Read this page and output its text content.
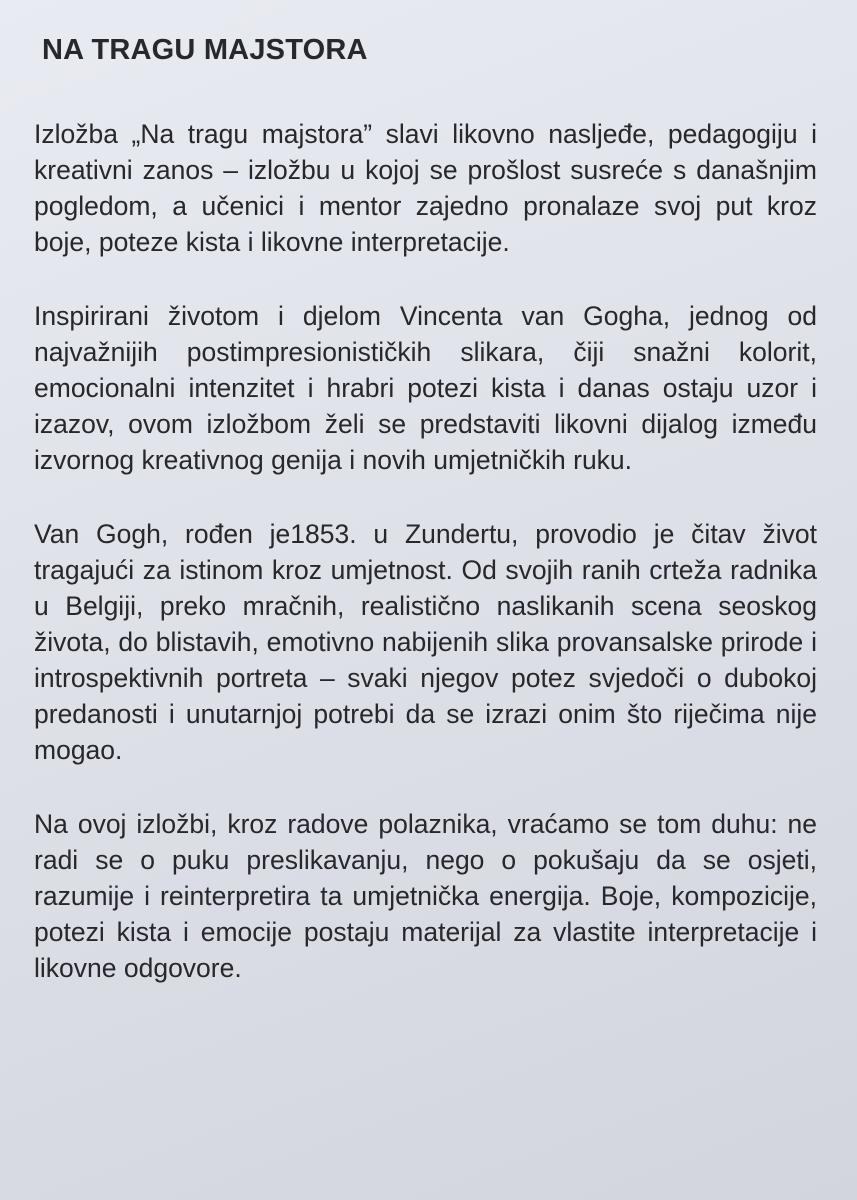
NA TRAGU MAJSTORA

Izložba „Na tragu majstora” slavi likovno nasljeđe, pedagogiju i kreativni zanos – izložbu u kojoj se prošlost susreće s današnjim pogledom, a učenici i mentor zajedno pronalaze svoj put kroz boje, poteze kista i likovne interpretacije.

Inspirirani životom i djelom Vincenta van Gogha, jednog od najvažnijih postimpresionističkih slikara, čiji snažni kolorit, emocionalni intenzitet i hrabri potezi kista i danas ostaju uzor i izazov, ovom izložbom želi se predstaviti likovni dijalog između izvornog kreativnog genija i novih umjetničkih ruku.

Van Gogh, rođen je1853. u Zundertu, provodio je čitav život tragajući za istinom kroz umjetnost. Od svojih ranih crteža radnika u Belgiji, preko mračnih, realistično naslikanih scena seoskog života, do blistavih, emotivno nabijenih slika provansalske prirode i introspektivnih portreta – svaki njegov potez svjedoči o dubokoj predanosti i unutarnjoj potrebi da se izrazi onim što riječima nije mogao.

Na ovoj izložbi, kroz radove polaznika, vraćamo se tom duhu: ne radi se o puku preslikavanju, nego o pokušaju da se osjeti, razumije i reinterpretira ta umjetnička energija. Boje, kompozicije, potezi kista i emocije postaju materijal za vlastite interpretacije i likovne odgovore.
